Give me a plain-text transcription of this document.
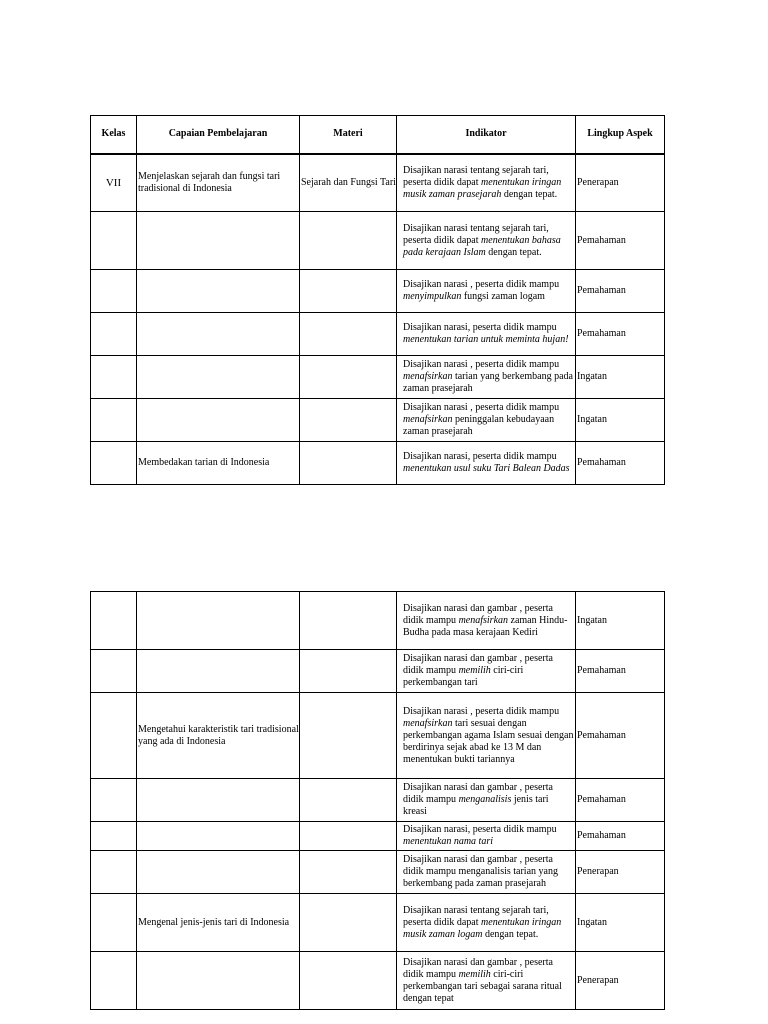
Kelas	Capaian Pembelajaran	Materi	Indikator	Lingkup Aspek
VII	Menjelaskan sejarah dan fungsi tari tradisional di Indonesia	Sejarah dan Fungsi Tari	Disajikan narasi tentang sejarah tari, peserta didik dapat menentukan iringan musik zaman prasejarah dengan tepat.	Penerapan
			Disajikan narasi tentang sejarah tari, peserta didik dapat menentukan bahasa pada kerajaan Islam dengan tepat.	Pemahaman
			Disajikan narasi , peserta didik mampu menyimpulkan fungsi zaman logam	Pemahaman
			Disajikan narasi, peserta didik mampu menentukan tarian untuk meminta hujan!	Pemahaman
			Disajikan narasi , peserta didik mampu menafsirkan tarian yang berkembang pada zaman prasejarah	Ingatan
			Disajikan narasi , peserta didik mampu menafsirkan peninggalan kebudayaan zaman prasejarah	Ingatan
	Membedakan tarian di Indonesia		Disajikan narasi, peserta didik mampu menentukan usul suku Tari Balean Dadas	Pemahaman
			Disajikan narasi dan gambar , peserta didik mampu menafsirkan zaman Hindu-Budha pada masa kerajaan Kediri	Ingatan
			Disajikan narasi dan gambar , peserta didik mampu memilih ciri-ciri perkembangan tari	Pemahaman
	Mengetahui karakteristik tari tradisional yang ada di Indonesia		Disajikan narasi , peserta didik mampu menafsirkan tari sesuai dengan perkembangan agama Islam sesuai dengan berdirinya sejak abad ke 13 M dan menentukan bukti tariannya	Pemahaman
			Disajikan narasi dan gambar , peserta didik mampu menganalisis jenis tari kreasi	Pemahaman
			Disajikan narasi, peserta didik mampu menentukan nama tari	Pemahaman
			Disajikan narasi dan gambar , peserta didik mampu menganalisis tarian yang berkembang pada zaman prasejarah	Penerapan
	Mengenal jenis-jenis tari di Indonesia		Disajikan narasi tentang sejarah tari, peserta didik dapat menentukan iringan musik zaman logam dengan tepat.	Ingatan
			Disajikan narasi dan gambar , peserta didik mampu memilih ciri-ciri perkembangan tari sebagai sarana ritual dengan tepat	Penerapan
